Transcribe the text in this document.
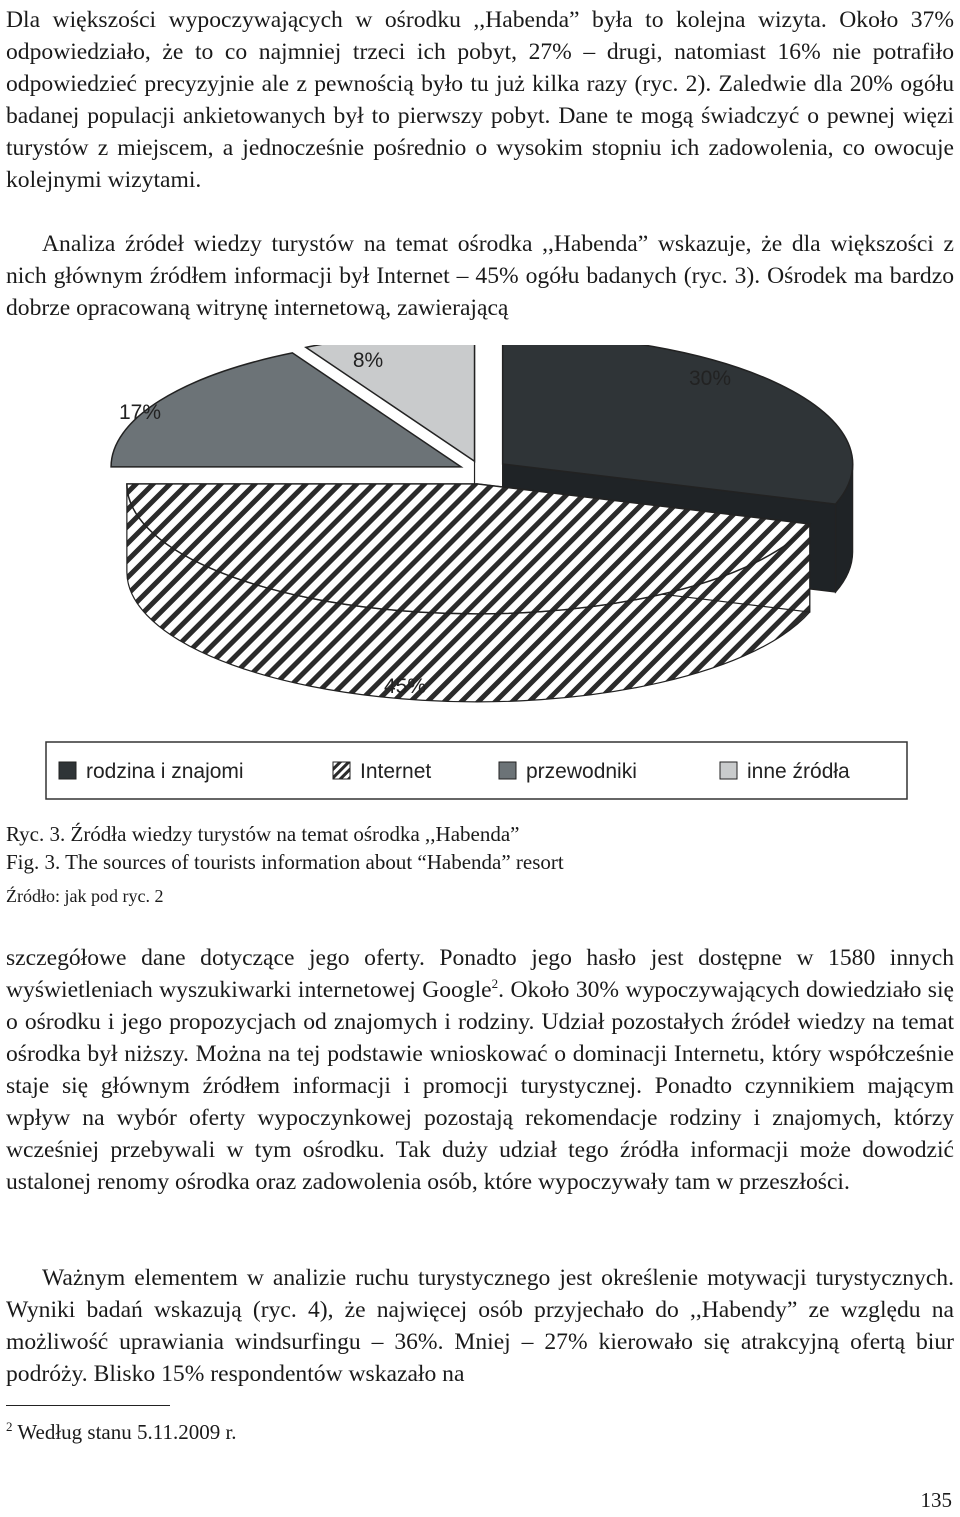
Dla większości wypoczywających w ośrodku ,,Habenda” była to kolejna wizyta. Około 37% odpowiedziało, że to co najmniej trzeci ich pobyt, 27% – drugi, natomiast 16% nie potrafiło odpowiedzieć precyzyjnie ale z pewnością było tu już kilka razy (ryc. 2). Zaledwie dla 20% ogółu badanej populacji ankietowanych był to pierwszy pobyt. Dane te mogą świadczyć o pewnej więzi turystów z miejscem, a jednocześnie pośrednio o wysokim stopniu ich zadowolenia, co owocuje kolejnymi wizytami.

Analiza źródeł wiedzy turystów na temat ośrodka ,,Habenda” wskazuje, że dla większości z nich głównym źródłem informacji był Internet – 45% ogółu badanych (ryc. 3). Ośrodek ma bardzo dobrze opracowaną witrynę internetową, zawierającą

30%
45%
17%
8%
rodzina i znajomi	Internet	przewodniki	inne źródła

Ryc. 3. Źródła wiedzy turystów na temat ośrodka ,,Habenda”

Fig. 3. The sources of tourists information about “Habenda” resort

Źródło: jak pod ryc. 2

szczegółowe dane dotyczące jego oferty. Ponadto jego hasło jest dostępne w 1580 innych wyświetleniach wyszukiwarki internetowej Google$^2$. Około 30% wypoczywających dowiedziało się o ośrodku i jego propozycjach od znajomych i rodziny. Udział pozostałych źródeł wiedzy na temat ośrodka był niższy. Można na tej podstawie wnioskować o dominacji Internetu, który współcześnie staje się głównym źródłem informacji i promocji turystycznej. Ponadto czynnikiem mającym wpływ na wybór oferty wypoczynkowej pozostają rekomendacje rodziny i znajomych, którzy wcześniej przebywali w tym ośrodku. Tak duży udział tego źródła informacji może dowodzić ustalonej renomy ośrodka oraz zadowolenia osób, które wypoczywały tam w przeszłości.

Ważnym elementem w analizie ruchu turystycznego jest określenie motywacji turystycznych. Wyniki badań wskazują (ryc. 4), że najwięcej osób przyjechało do ,,Habendy” ze względu na możliwość uprawiania windsurfingu – 36%. Mniej – 27% kierowało się atrakcyjną ofertą biur podróży. Blisko 15% respondentów wskazało na

$^2$ Według stanu 5.11.2009 r.

135
